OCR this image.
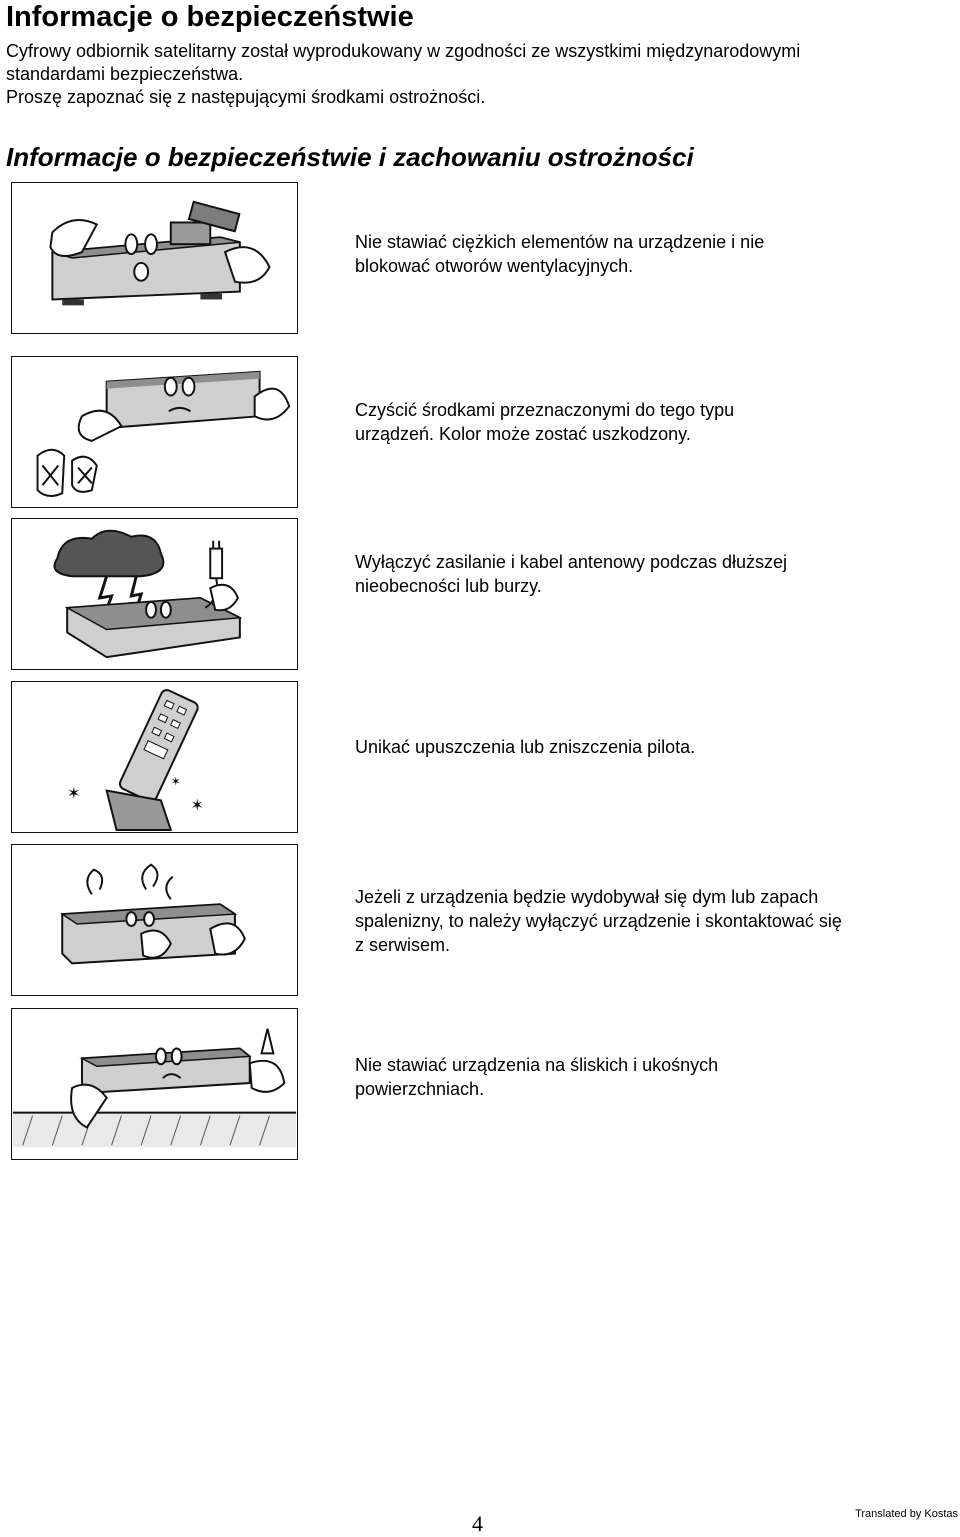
Informacje o bezpieczeństwie

Cyfrowy odbiornik satelitarny został wyprodukowany w zgodności ze wszystkimi międzynarodowymi

standardami bezpieczeństwa.

Proszę zapoznać się z następującymi środkami ostrożności.

Informacje o bezpieczeństwie i zachowaniu ostrożności

Nie stawiać ciężkich elementów na urządzenie i nie
blokować otworów wentylacyjnych.

Czyścić środkami przeznaczonymi do tego typu
urządzeń. Kolor może zostać uszkodzony.

Wyłączyć zasilanie i kabel antenowy podczas dłuższej
nieobecności lub burzy.

✶
✶
✶

Unikać upuszczenia lub zniszczenia pilota.

Jeżeli z urządzenia będzie wydobywał się dym lub zapach
spalenizny, to należy wyłączyć urządzenie i skontaktować się
z serwisem.

Nie stawiać urządzenia na śliskich i ukośnych
powierzchniach.

4	Translated by Kostas
